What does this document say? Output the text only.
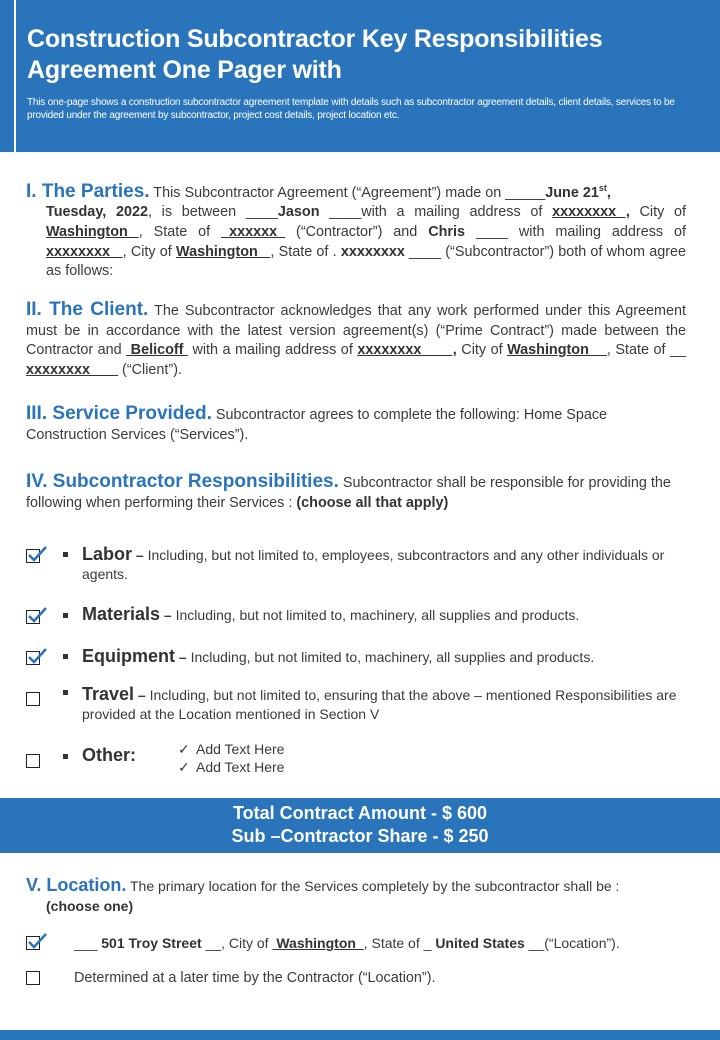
Construction Subcontractor Key Responsibilities Agreement One Pager with

This one-page shows a construction subcontractor agreement template with details such as subcontractor agreement details, client details, services to be provided under the agreement by subcontractor, project cost details, project location etc.

I. The Parties. This Subcontractor Agreement (“Agreement”) made on _____June 21st,
Tuesday, 2022, is between ____Jason ____with a mailing address of xxxxxxxx , City of Washington , State of _xxxxxx_ (“Contractor”) and Chris ____ with mailing address of xxxxxxxx   , City of Washington   , State of . xxxxxxxx ____ (“Subcontractor”) both of whom agree as follows:
II. The Client. The Subcontractor acknowledges that any work performed under this Agreement must be in accordance with the latest version agreement(s) (“Prime Contract”) made between the Contractor and  Belicoff  with a mailing address of xxxxxxxx       , City of Washington    , State of __ xxxxxxxx ___ (“Client”).
III. Service Provided. Subcontractor agrees to complete the following: Home Space Construction Services (“Services”).
IV. Subcontractor Responsibilities. Subcontractor shall be responsible for providing the following when performing their Services : (choose all that apply)
Labor – Including, but not limited to, employees, subcontractors and any other individuals or agents.
Materials – Including, but not limited to, machinery, all supplies and products.
Equipment – Including, but not limited to, machinery, all supplies and products.
Travel – Including, but not limited to, ensuring that the above – mentioned Responsibilities are provided at the Location mentioned in Section V
Other:	✓ Add Text Here
✓ Add Text Here
Total Contract Amount - $ 600
Sub –Contractor Share - $ 250
V. Location. The primary location for the Services completely by the subcontractor shall be :
(choose one)
___ 501 Troy Street __, City of  Washington  , State of _ United States __(“Location”).
Determined at a later time by the Contractor (“Location”).
